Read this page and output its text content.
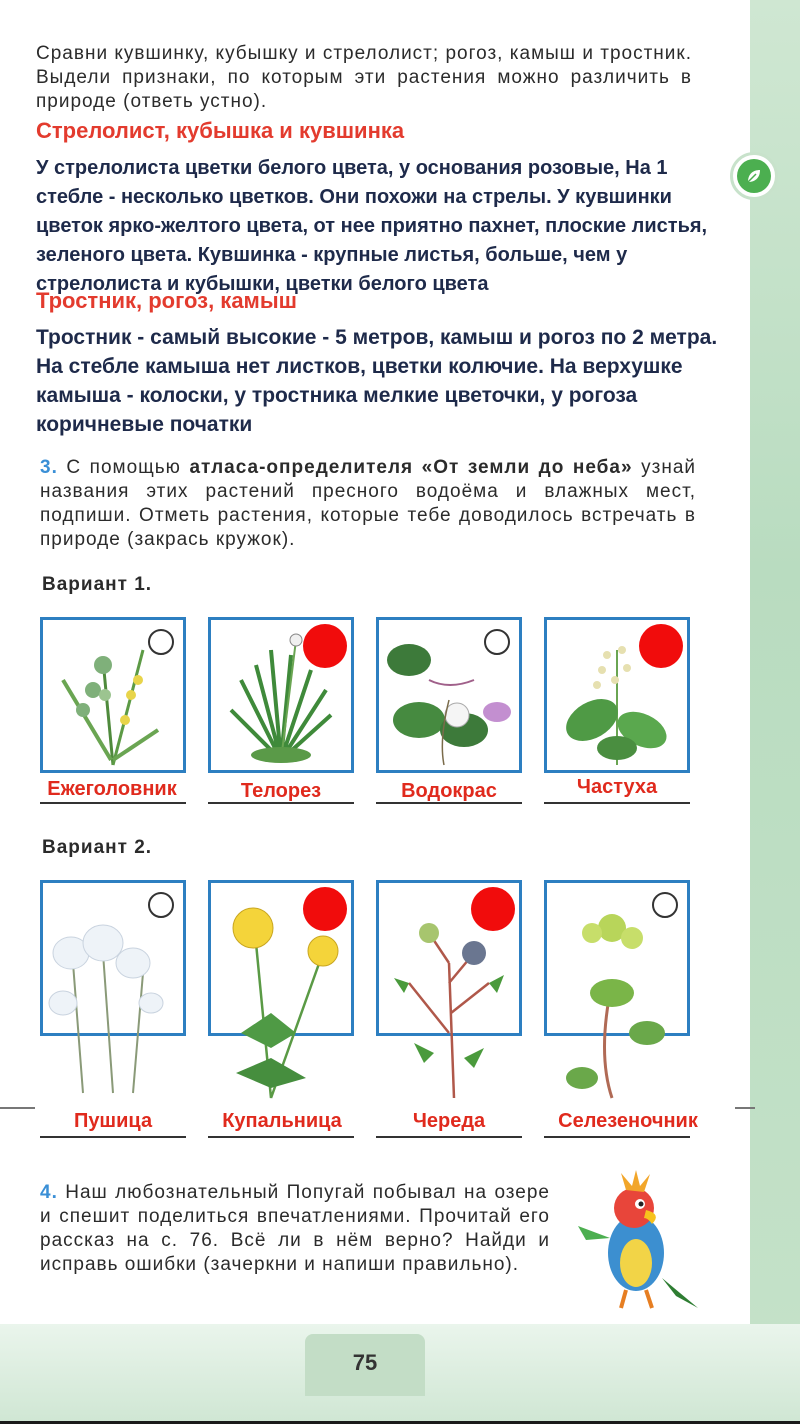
Сравни кувшинку, кубышку и стрелолист; рогоз, камыш и тростник. Выдели признаки, по которым эти растения можно различить в природе (ответь устно).

Стрелолист, кубышка и кувшинка

У стрелолиста цветки белого цвета, у основания розовые, На 1 стебле - несколько цветков. Они похожи на стрелы. У кувшинки цветок ярко-желтого цвета, от нее приятно пахнет, плоские листья, зеленого цвета. Кувшинка - крупные листья, больше, чем у стрелолиста и кубышки, цветки белого цвета

Тростник, рогоз, камыш

Тростник - самый высокие - 5 метров, камыш и рогоз по 2 метра. На стебле камыша нет листков, цветки колючие. На верхушке камыша - колоски, у тростника мелкие цветочки, у рогоза коричневые початки

3. С помощью атласа-определителя «От земли до неба» узнай названия этих растений пресного водоёма и влажных мест, подпиши. Отметь растения, которые тебе доводилось встречать в природе (закрась кружок).

Вариант 1.
Ежеголовник	Телорез	Водокрас	Частуха
Вариант 2.
Пушица	Купальница	Череда	Селезеночник

4. Наш любознательный Попугай побывал на озере и спешит поделиться впечатлениями. Прочитай его рассказ на с. 76. Всё ли в нём верно? Найди и исправь ошибки (зачеркни и напиши правильно).

75
